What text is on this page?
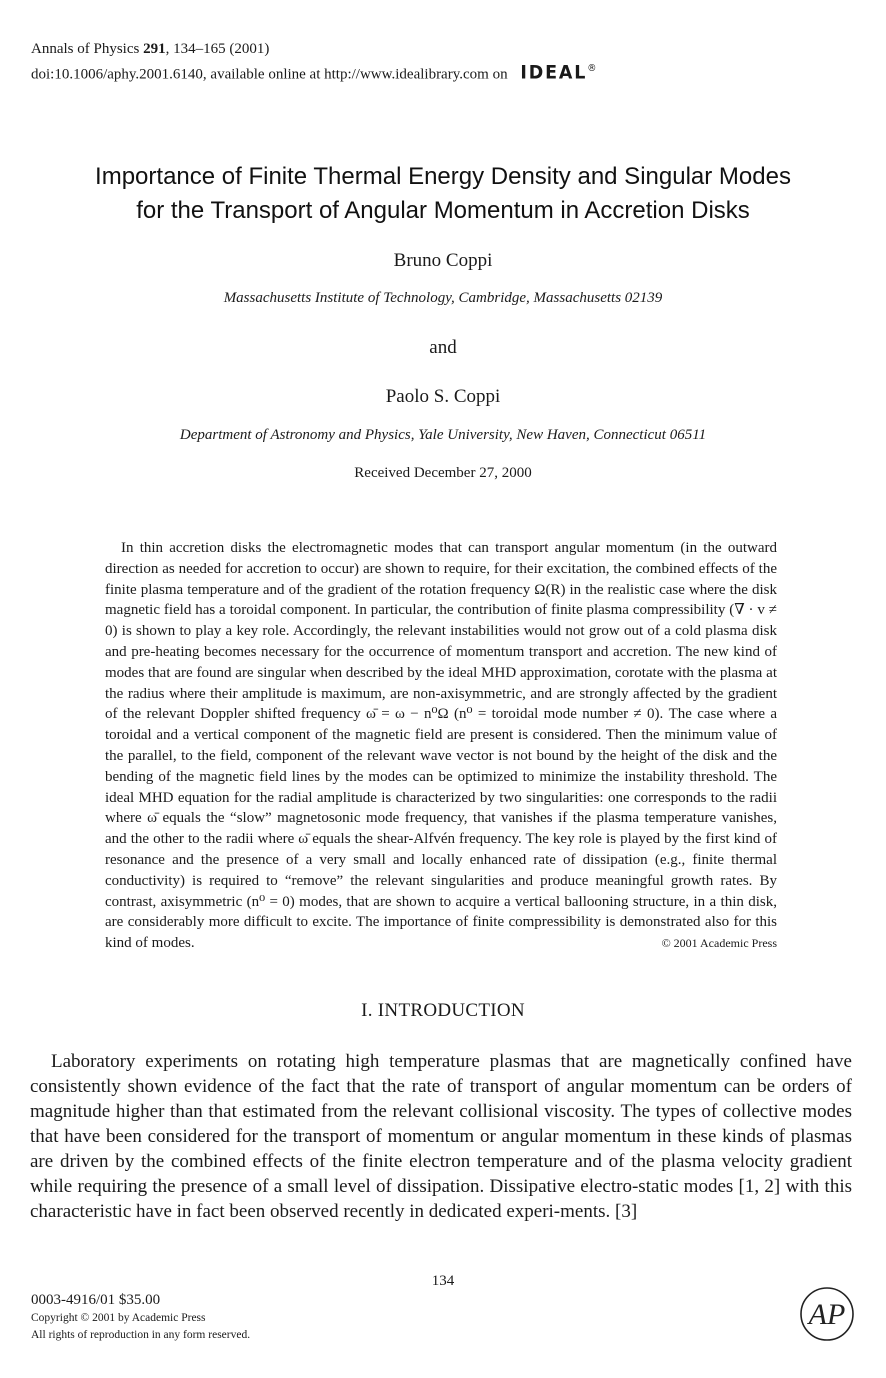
Annals of Physics 291, 134–165 (2001)
doi:10.1006/aphy.2001.6140, available online at http://www.idealibrary.com on IDEAL®
Importance of Finite Thermal Energy Density and Singular Modes
for the Transport of Angular Momentum in Accretion Disks
Bruno Coppi
Massachusetts Institute of Technology, Cambridge, Massachusetts 02139
and
Paolo S. Coppi
Department of Astronomy and Physics, Yale University, New Haven, Connecticut 06511
Received December 27, 2000

In thin accretion disks the electromagnetic modes that can transport angular momentum (in the outward direction as needed for accretion to occur) are shown to require, for their excitation, the combined effects of the finite plasma temperature and of the gradient of the rotation frequency Ω(R) in the realistic case where the disk magnetic field has a toroidal component. In particular, the contribution of finite plasma compressibility (∇ · v ≠ 0) is shown to play a key role. Accordingly, the relevant instabilities would not grow out of a cold plasma disk and pre-heating becomes necessary for the occurrence of momentum transport and accretion. The new kind of modes that are found are singular when described by the ideal MHD approximation, corotate with the plasma at the radius where their amplitude is maximum, are non-axisymmetric, and are strongly affected by the gradient of the relevant Doppler shifted frequency ω̄ = ω − n⁰Ω (n⁰ = toroidal mode number ≠ 0). The case where a toroidal and a vertical component of the magnetic field are present is considered. Then the minimum value of the parallel, to the field, component of the relevant wave vector is not bound by the height of the disk and the bending of the magnetic field lines by the modes can be optimized to minimize the instability threshold. The ideal MHD equation for the radial amplitude is characterized by two singularities: one corresponds to the radii where ω̄ equals the “slow” magnetosonic mode frequency, that vanishes if the plasma temperature vanishes, and the other to the radii where ω̄ equals the shear-Alfvén frequency. The key role is played by the first kind of resonance and the presence of a very small and locally enhanced rate of dissipation (e.g., finite thermal conductivity) is required to “remove” the relevant singularities and produce meaningful growth rates. By contrast, axisymmetric (n⁰ = 0) modes, that are shown to acquire a vertical ballooning structure, in a thin disk, are considerably more difficult to excite. The importance of finite compressibility is demonstrated also for this kind of modes.	© 2001 Academic Press

I. INTRODUCTION

Laboratory experiments on rotating high temperature plasmas that are magnetically confined have consistently shown evidence of the fact that the rate of transport of angular momentum can be orders of magnitude higher than that estimated from the relevant collisional viscosity. The types of collective modes that have been considered for the transport of momentum or angular momentum in these kinds of plasmas are driven by the combined effects of the finite electron temperature and of the plasma velocity gradient while requiring the presence of a small level of dissipation. Dissipative electro-static modes [1, 2] with this characteristic have in fact been observed recently in dedicated experi-ments. [3]

134
0003-4916/01 $35.00
Copyright © 2001 by Academic Press
All rights of reproduction in any form reserved.
AP
